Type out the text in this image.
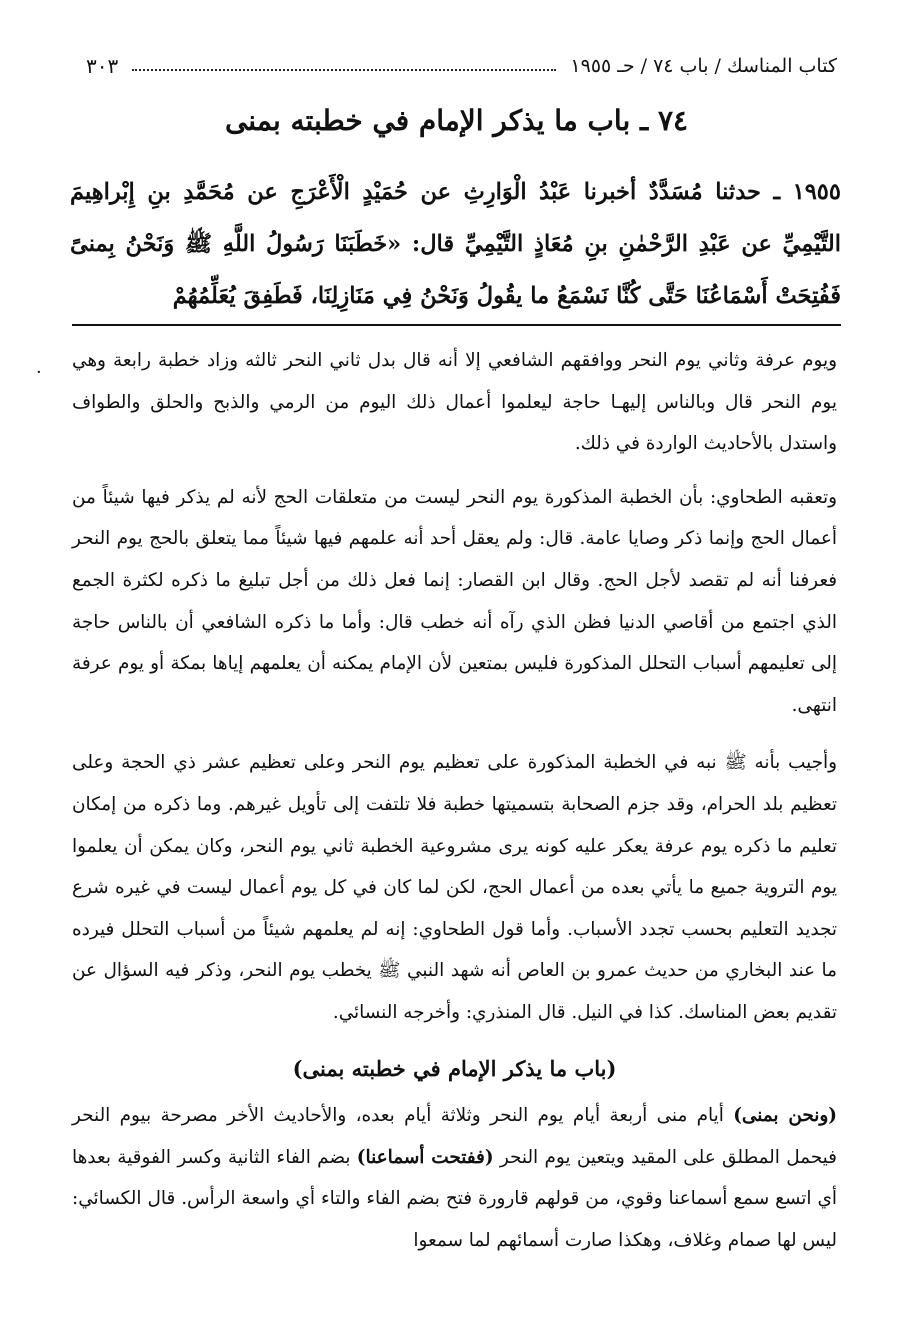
كتاب المناسك / باب ٧٤ / حـ ١٩٥٥
٣٠٣
٧٤ ـ باب ما يذكر الإمام في خطبته بمنى
١٩٥٥ ـ حدثنا مُسَدَّدٌ أخبرنا عَبْدُ الْوَارِثِ عن حُمَيْدٍ الْأَعْرَجِ عن مُحَمَّدِ بنِ إِبْراهِيمَ التَّيْمِيِّ عن عَبْدِ الرَّحْمٰنِ بنِ مُعَاذٍ التَّيْمِيِّ قال: «خَطَبَنَا رَسُولُ اللَّهِ ﷺ وَنَحْنُ بِمنىً فَفُتِحَتْ أَسْمَاعُنَا حَتَّى كُنَّا نَسْمَعُ ما يقُولُ وَنَحْنُ فِي مَنَازِلِنَا، فَطَفِقَ يُعَلِّمُهُمْ
·

ويوم عرفة وثاني يوم النحر ووافقهم الشافعي إلا أنه قال بدل ثاني النحر ثالثه وزاد خطبة رابعة وهي يوم النحر قال وبالناس إليهـا حاجة ليعلموا أعمال ذلك اليوم من الرمي والذبح والحلق والطواف واستدل بالأحاديث الواردة في ذلك.

وتعقبه الطحاوي: بأن الخطبة المذكورة يوم النحر ليست من متعلقات الحج لأنه لم يذكر فيها شيئاً من أعمال الحج وإنما ذكر وصايا عامة. قال: ولم يعقل أحد أنه علمهم فيها شيئاً مما يتعلق بالحج يوم النحر فعرفنا أنه لم تقصد لأجل الحج. وقال ابن القصار: إنما فعل ذلك من أجل تبليغ ما ذكره لكثرة الجمع الذي اجتمع من أقاصي الدنيا فظن الذي رآه أنه خطب قال: وأما ما ذكره الشافعي أن بالناس حاجة إلى تعليمهم أسباب التحلل المذكورة فليس بمتعين لأن الإمام يمكنه أن يعلمهم إياها بمكة أو يوم عرفة انتهى.

وأجيب بأنه ﷺ نبه في الخطبة المذكورة على تعظيم يوم النحر وعلى تعظيم عشر ذي الحجة وعلى تعظيم بلد الحرام، وقد جزم الصحابة بتسميتها خطبة فلا تلتفت إلى تأويل غيرهم. وما ذكره من إمكان تعليم ما ذكره يوم عرفة يعكر عليه كونه يرى مشروعية الخطبة ثاني يوم النحر، وكان يمكن أن يعلموا يوم التروية جميع ما يأتي بعده من أعمال الحج، لكن لما كان في كل يوم أعمال ليست في غيره شرع تجديد التعليم بحسب تجدد الأسباب. وأما قول الطحاوي: إنه لم يعلمهم شيئاً من أسباب التحلل فيرده ما عند البخاري من حديث عمرو بن العاص أنه شهد النبي ﷺ يخطب يوم النحر، وذكر فيه السؤال عن تقديم بعض المناسك. كذا في النيل. قال المنذري: وأخرجه النسائي.

(باب ما يذكر الإمام في خطبته بمنى)

(ونحن بمنى) أيام منى أربعة أيام يوم النحر وثلاثة أيام بعده، والأحاديث الأخر مصرحة بيوم النحر فيحمل المطلق على المقيد ويتعين يوم النحر (ففتحت أسماعنا) بضم الفاء الثانية وكسر الفوقية بعدها أي اتسع سمع أسماعنا وقوي، من قولهم قارورة فتح بضم الفاء والتاء أي واسعة الرأس. قال الكسائي: ليس لها صمام وغلاف، وهكذا صارت أسمائهم لما سمعوا
